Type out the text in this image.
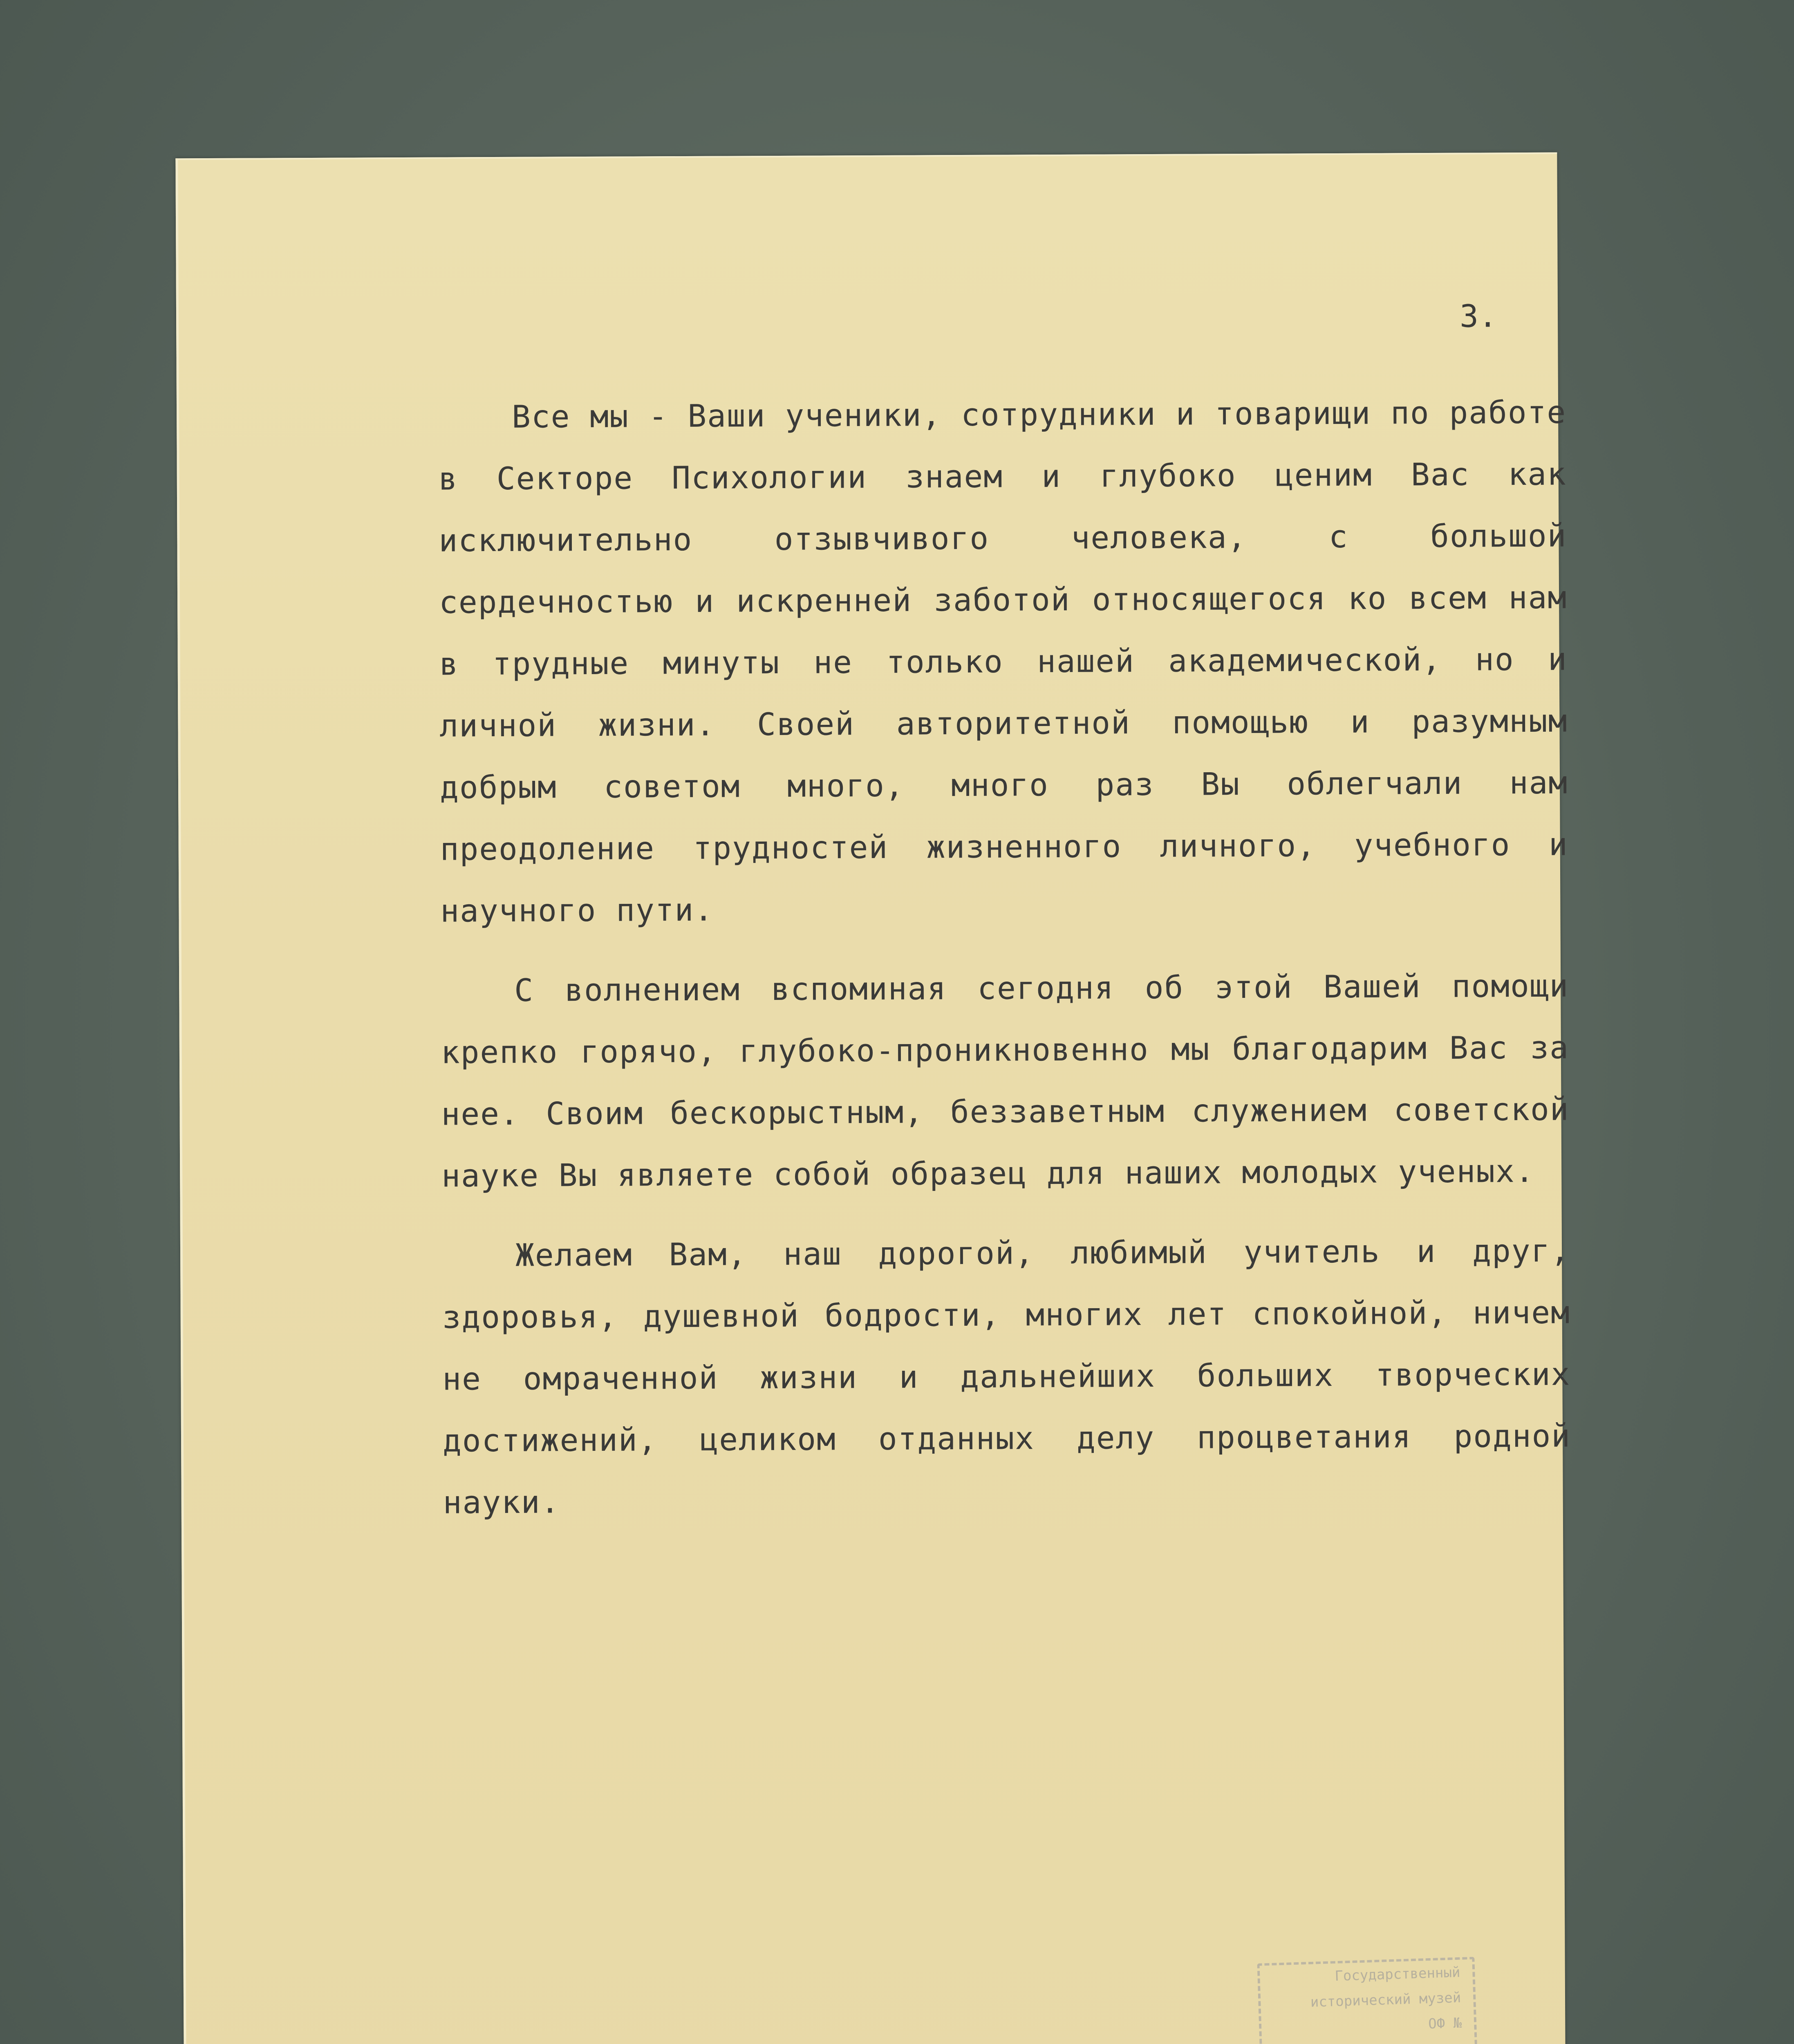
3.

Все мы - Ваши ученики, сотрудники и товарищи по работе в Секторе Психологии знаем и глубоко ценим Вас как исключительно отзывчивого человека, с большой сердечностью и искренней заботой относящегося ко всем нам в трудные минуты не только нашей академической, но и личной жизни. Своей авторитетной помощью и разумным добрым советом много, много раз Вы облегчали нам преодоление трудностей жизненного личного, учебного и научного пути.

С волнением вспоминая сегодня об этой Вашей помощи крепко горячо, глубоко-проникновенно мы благодарим Вас за нее. Своим бескорыстным, беззаветным служением советской науке Вы являете собой образец для наших молодых ученых.

Желаем Вам, наш дорогой, любимый учитель и друг, здоровья, душевной бодрости, многих лет спокойной, ничем не омраченной жизни и дальнейших больших творческих достижений, целиком отданных делу процветания родной науки.

Государственный
исторический музей
ОФ №
